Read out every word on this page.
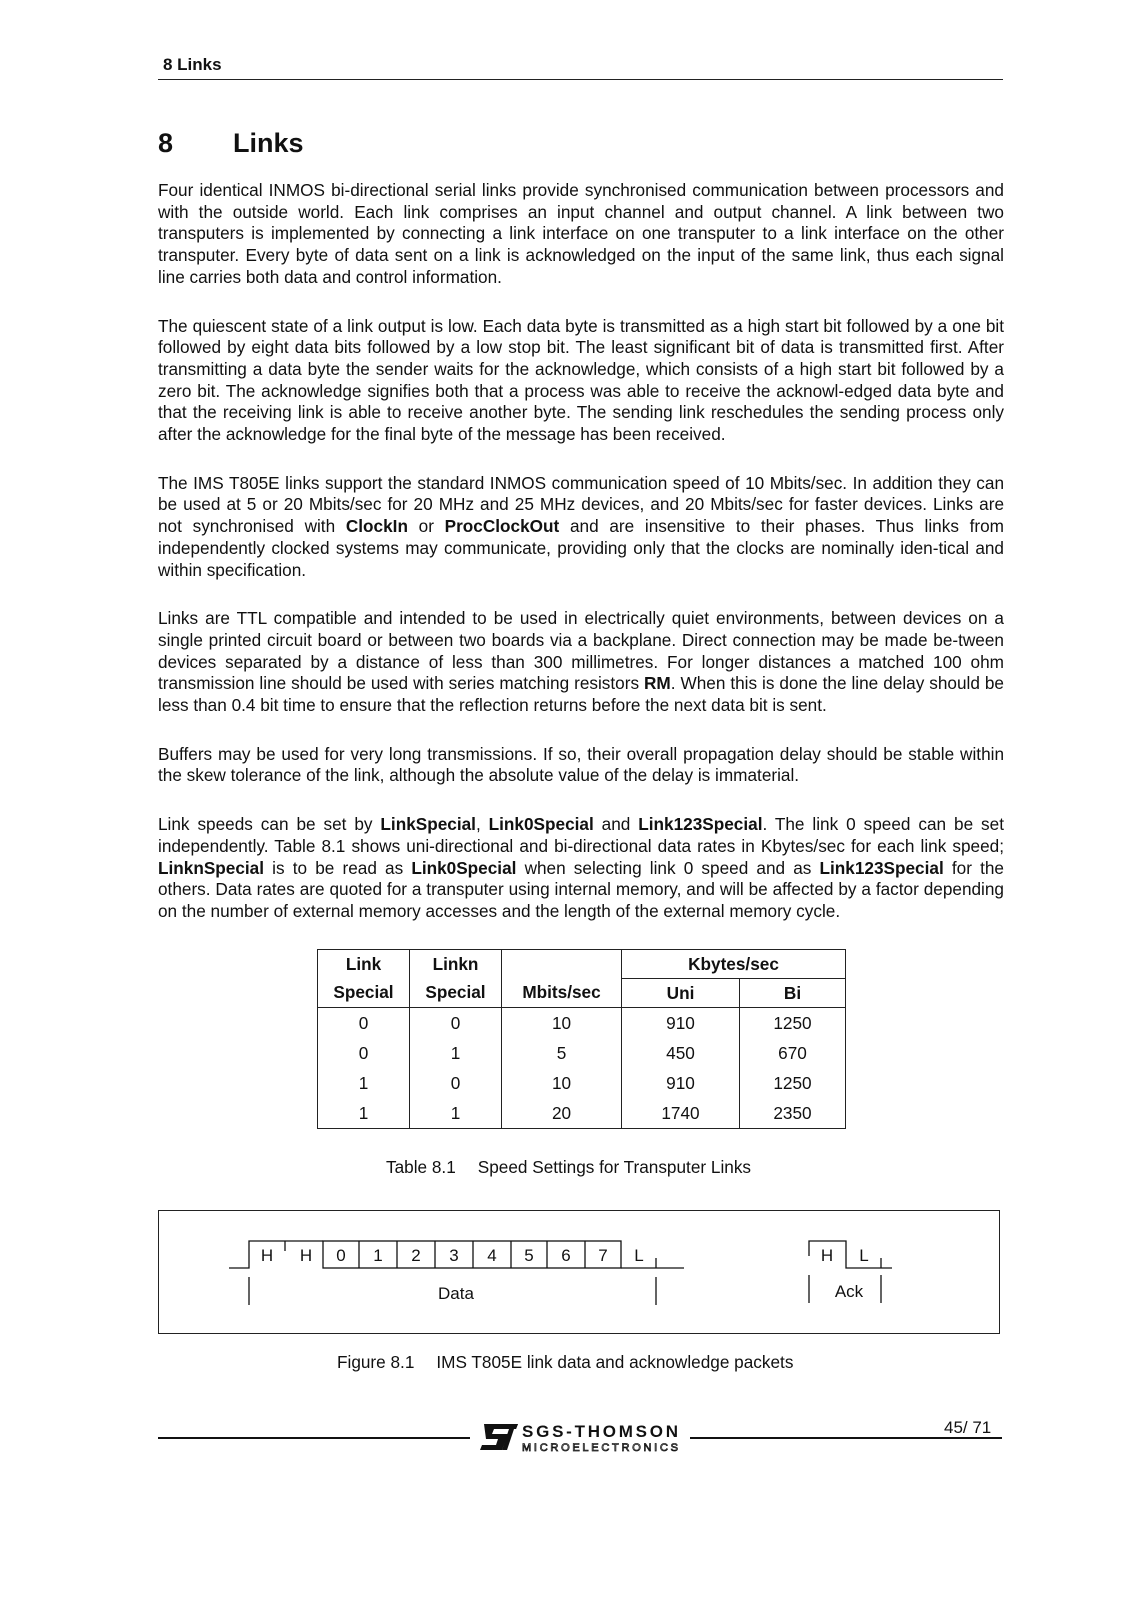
8 Links
8 Links

Four identical INMOS bi-directional serial links provide synchronised communication between processors and with the outside world. Each link comprises an input channel and output channel. A link between two transputers is implemented by connecting a link interface on one transputer to a link interface on the other transputer. Every byte of data sent on a link is acknowledged on the input of the same link, thus each signal line carries both data and control information.

The quiescent state of a link output is low. Each data byte is transmitted as a high start bit followed by a one bit followed by eight data bits followed by a low stop bit. The least significant bit of data is transmitted first. After transmitting a data byte the sender waits for the acknowledge, which consists of a high start bit followed by a zero bit. The acknowledge signifies both that a process was able to receive the acknowl-edged data byte and that the receiving link is able to receive another byte. The sending link reschedules the sending process only after the acknowledge for the final byte of the message has been received.

The IMS T805E links support the standard INMOS communication speed of 10 Mbits/sec. In addition they can be used at 5 or 20 Mbits/sec for 20 MHz and 25 MHz devices, and 20 Mbits/sec for faster devices. Links are not synchronised with ClockIn or ProcClockOut and are insensitive to their phases. Thus links from independently clocked systems may communicate, providing only that the clocks are nominally iden-tical and within specification.

Links are TTL compatible and intended to be used in electrically quiet environments, between devices on a single printed circuit board or between two boards via a backplane. Direct connection may be made be-tween devices separated by a distance of less than 300 millimetres. For longer distances a matched 100 ohm transmission line should be used with series matching resistors RM. When this is done the line delay should be less than 0.4 bit time to ensure that the reflection returns before the next data bit is sent.

Buffers may be used for very long transmissions. If so, their overall propagation delay should be stable within the skew tolerance of the link, although the absolute value of the delay is immaterial.

Link speeds can be set by LinkSpecial, Link0Special and Link123Special. The link 0 speed can be set independently. Table 8.1 shows uni-directional and bi-directional data rates in Kbytes/sec for each link speed; LinknSpecial is to be read as Link0Special when selecting link 0 speed and as Link123Special for the others. Data rates are quoted for a transputer using internal memory, and will be affected by a factor depending on the number of external memory accesses and the length of the external memory cycle.

Link	Linkn		Kbytes/sec	
Special	Special	Mbits/sec	Uni	Bi
0	0	10	910	1250
0	1	5	450	670
1	0	10	910	1250
1	1	20	1740	2350
Table 8.1 Speed Settings for Transputer Links
H H 0 1 2 3 4 5 6 7 L	H L
Data	Ack
Figure 8.1 IMS T805E link data and acknowledge packets
SGS-THOMSON
MICROELECTRONICS
45/ 71
